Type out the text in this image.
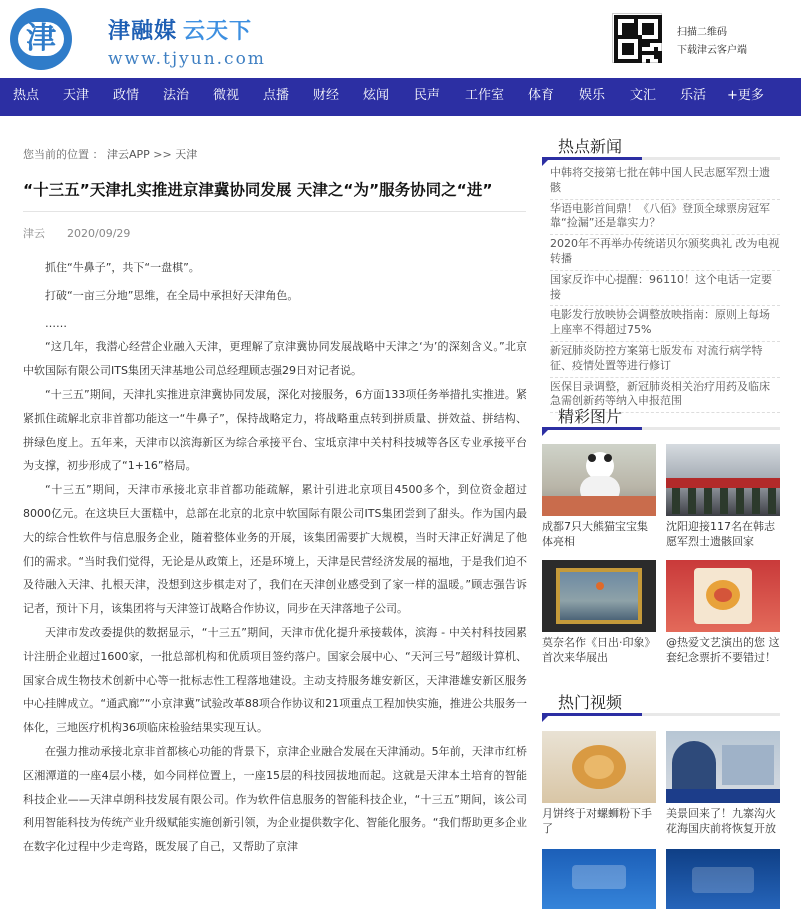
津	津融媒 云天下
www.tjyun.com
扫描二维码
下载津云客户端
热点 天津 政情 法治 微视 点播 财经 炫闻 民声 工作室 体育 娱乐 文汇 乐活 +更多
您当前的位置 ： 津云APP >> 天津
“十三五”天津扎实推进京津冀协同发展 天津之“为”服务协同之“进”
津云 2020/09/29

抓住“牛鼻子”，共下“一盘棋”。

打破“一亩三分地”思维，在全局中承担好天津角色。

……

“这几年，我潜心经营企业融入天津，更理解了京津冀协同发展战略中天津之‘为’的深刻含义。”北京中软国际有限公司ITS集团天津基地公司总经理顾志强29日对记者说。

“十三五”期间，天津扎实推进京津冀协同发展，深化对接服务，6方面133项任务举措扎实推进。紧紧抓住疏解北京非首都功能这一“牛鼻子”，保持战略定力，将战略重点转到拼质量、拼效益、拼结构、拼绿色度上。五年来，天津市以滨海新区为综合承接平台、宝坻京津中关村科技城等各区专业承接平台为支撑，初步形成了“1+16”格局。

“十三五”期间，天津市承接北京非首都功能疏解，累计引进北京项目4500多个，到位资金超过8000亿元。在这块巨大蛋糕中，总部在北京的北京中软国际有限公司ITS集团尝到了甜头。作为国内最大的综合性软件与信息服务企业，随着整体业务的开展，该集团需要扩大规模，当时天津正好满足了他们的需求。“当时我们觉得，无论是从政策上，还是环境上，天津是民营经济发展的福地，于是我们迫不及待融入天津、扎根天津，没想到这步棋走对了，我们在天津创业感受到了家一样的温暖。”顾志强告诉记者，预计下月，该集团将与天津签订战略合作协议，同步在天津落地子公司。

天津市发改委提供的数据显示，“十三五”期间，天津市优化提升承接载体，滨海 - 中关村科技园累计注册企业超过1600家，一批总部机构和优质项目签约落户。国家会展中心、“天河三号”超级计算机、国家合成生物技术创新中心等一批标志性工程落地建设。主动支持服务雄安新区，天津港雄安新区服务中心挂牌成立。“通武廊”“小京津冀”试验改革88项合作协议和21项重点工程加快实施，推进公共服务一体化，三地医疗机构36项临床检验结果实现互认。

在强力推动承接北京非首都核心功能的背景下，京津企业融合发展在天津涌动。5年前，天津市红桥区湘潭道的一座4层小楼，如今同样位置上，一座15层的科技园拔地而起。这就是天津本土培育的智能科技企业——天津卓朗科技发展有限公司。作为软件信息服务的智能科技企业，“十三五”期间，该公司利用智能科技为传统产业升级赋能实施创新引领，为企业提供数字化、智能化服务。“我们帮助更多企业在数字化过程中少走弯路，既发展了自己，又帮助了京津

热点新闻
中韩将交接第七批在韩中国人民志愿军烈士遗骸
华语电影首间鼎！《八佰》登顶全球票房冠军 靠“捡漏”还是靠实力？
2020年不再举办传统诺贝尔颁奖典礼 改为电视转播
国家反诈中心提醒：96110！这个电话一定要接
电影发行放映协会调整放映指南：原则上每场上座率不得超过75%
新冠肺炎防控方案第七版发布 对流行病学特征、疫情处置等进行修订
医保目录调整，新冠肺炎相关治疗用药及临床急需创新药等纳入申报范围
精彩图片
成都7只大熊猫宝宝集体亮相
沈阳迎接117名在韩志愿军烈士遗骸回家
莫奈名作《日出·印象》首次来华展出
@热爱文艺演出的您 这套纪念票折不要错过！
热门视频
月饼终于对螺蛳粉下手了
美景回来了！九寨沟火花海国庆前将恢复开放
